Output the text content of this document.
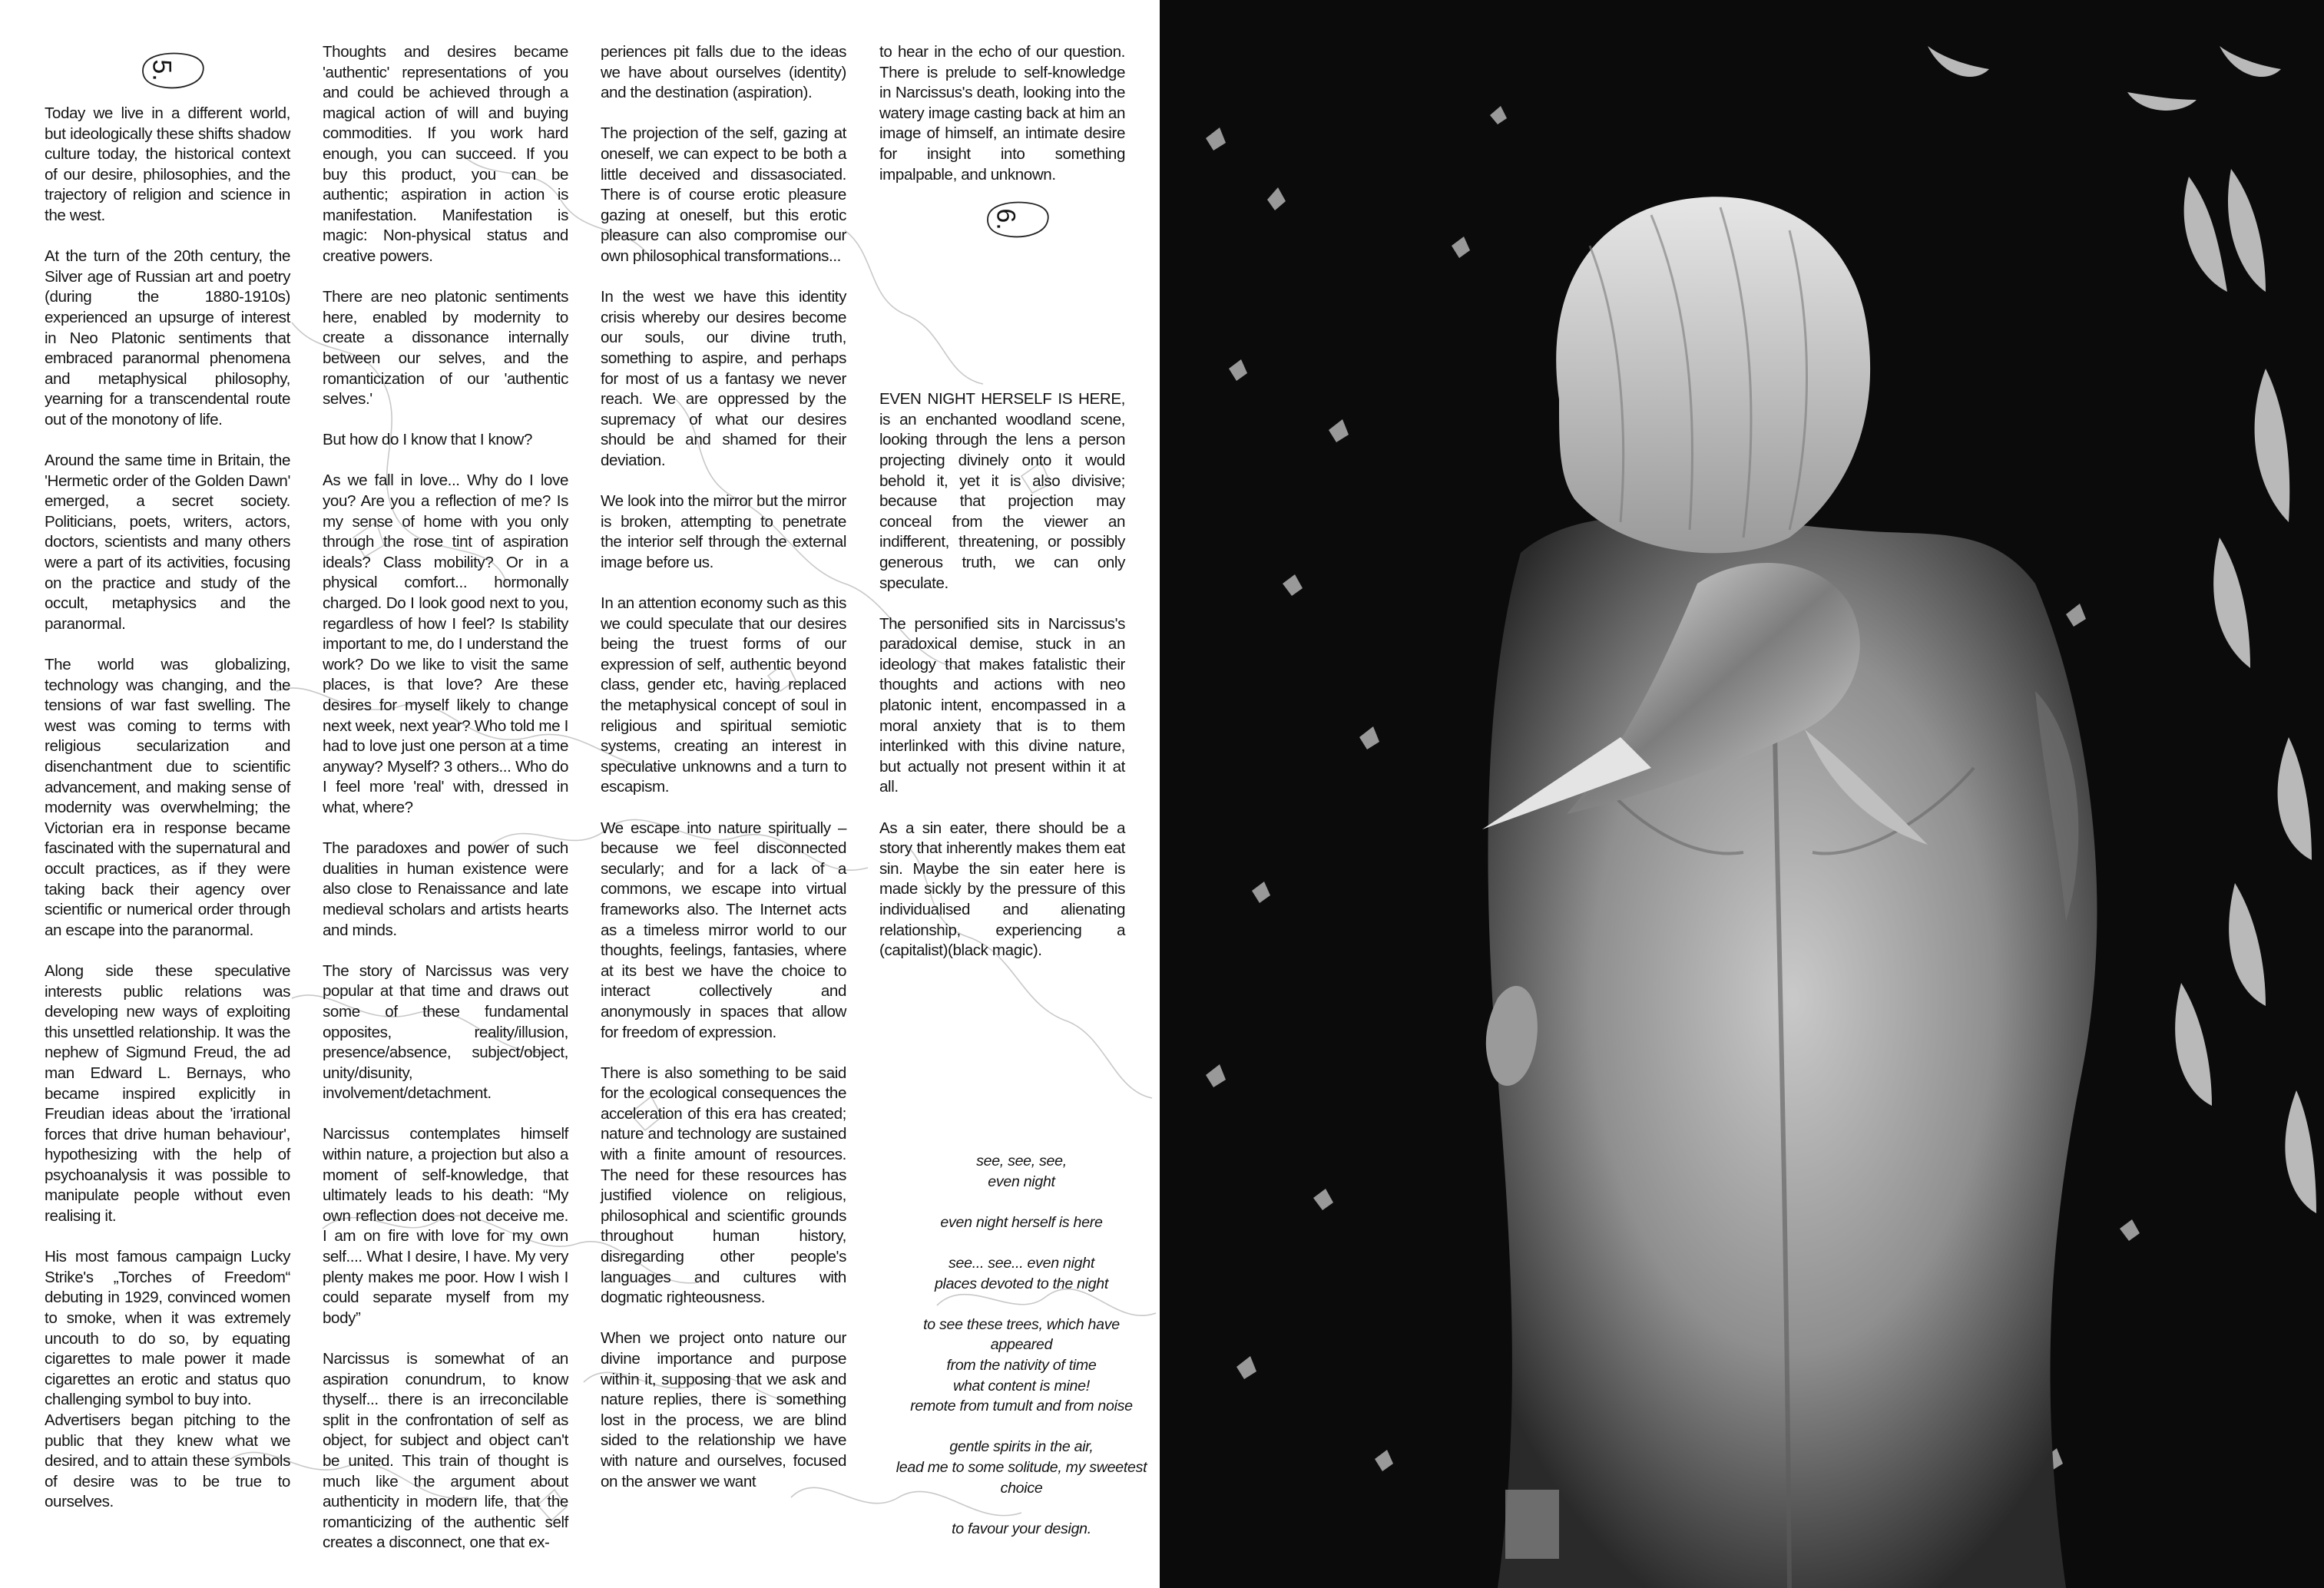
5.
6.

Today we live in a different world, but ideologically these shifts shadow culture today, the historical context of our desire, philosophies, and the trajectory of religion and science in the west.

At the turn of the 20th century, the Silver age of Russian art and poetry (during the 1880-1910s) experienced an upsurge of interest in Neo Platonic sentiments that embraced paranormal phenomena and metaphysical philosophy, yearning for a transcendental route out of the monotony of life.

Around the same time in Britain, the 'Hermetic order of the Golden Dawn' emerged, a secret society. Politicians, poets, writers, actors, doctors, scientists and many others were a part of its activities, focusing on the practice and study of the occult, metaphysics and the paranormal.

The world was globalizing, technology was changing, and the tensions of war fast swelling. The west was coming to terms with religious secularization and disenchantment due to scientific advancement, and making sense of modernity was overwhelming; the Victorian era in response became fascinated with the supernatural and occult practices, as if they were taking back their agency over scientific or numerical order through an escape into the paranormal.

Along side these speculative interests public relations was developing new ways of exploiting this unsettled relationship. It was the nephew of Sigmund Freud, the ad man Edward L. Bernays, who became inspired explicitly in Freudian ideas about the 'irrational forces that drive human behaviour', hypothesizing with the help of psychoanalysis it was possible to manipulate people without even realising it.

His most famous campaign Lucky Strike's „Torches of Freedom“ debuting in 1929, convinced women to smoke, when it was extremely uncouth to do so, by equating cigarettes to male power it made cigarettes an erotic and status quo challenging symbol to buy into.

Advertisers began pitching to the public that they knew what we desired, and to attain these symbols of desire was to be true to ourselves.

Thoughts and desires became 'authentic' representations of you and could be achieved through a magical action of will and buying commodities. If you work hard enough, you can succeed. If you buy this product, you can be authentic; aspiration in action is manifestation. Manifestation is magic: Non-physical status and creative powers.

There are neo platonic sentiments here, enabled by modernity to create a dissonance internally between our selves, and the romanticization of our 'authentic selves.'

But how do I know that I know?

As we fall in love... Why do I love you? Are you a reflection of me? Is my sense of home with you only through the rose tint of aspiration ideals? Class mobility? Or in a physical comfort... hormonally charged. Do I look good next to you, regardless of how I feel? Is stability important to me, do I understand the work? Do we like to visit the same places, is that love? Are these desires for myself likely to change next week, next year? Who told me I had to love just one person at a time anyway? Myself? 3 others... Who do I feel more 'real' with, dressed in what, where?

The paradoxes and power of such dualities in human existence were also close to Renaissance and late medieval scholars and artists hearts and minds.

The story of Narcissus was very popular at that time and draws out some of these fundamental opposites, reality/illusion, presence/absence, subject/object, unity/disunity, involvement/detachment.

Narcissus contemplates himself within nature, a projection but also a moment of self-knowledge, that ultimately leads to his death: “My own reflection does not deceive me. I am on fire with love for my own self.... What I desire, I have. My very plenty makes me poor. How I wish I could separate myself from my body”

Narcissus is somewhat of an aspiration conundrum, to know thyself... there is an irreconcilable split in the confrontation of self as object, for subject and object can't be united. This train of thought is much like the argument about authenticity in modern life, that the romanticizing of the authentic self creates a disconnect, one that ex-

periences pit falls due to the ideas we have about ourselves (identity) and the destination (aspiration).

The projection of the self, gazing at oneself, we can expect to be both a little deceived and dissasociated. There is of course erotic pleasure gazing at oneself, but this erotic pleasure can also compromise our own philosophical transformations...

In the west we have this identity crisis whereby our desires become our souls, our divine truth, something to aspire, and perhaps for most of us a fantasy we never reach. We are oppressed by the supremacy of what our desires should be and shamed for their deviation.

We look into the mirror but the mirror is broken, attempting to penetrate the interior self through the external image before us.

In an attention economy such as this we could speculate that our desires being the truest forms of our expression of self, authentic beyond class, gender etc, having replaced the metaphysical concept of soul in religious and spiritual semiotic systems, creating an interest in speculative unknowns and a turn to escapism.

We escape into nature spiritually – because we feel disconnected secularly; and for a lack of a commons, we escape into virtual frameworks also. The Internet acts as a timeless mirror world to our thoughts, feelings, fantasies, where at its best we have the choice to interact collectively and anonymously in spaces that allow for freedom of expression.

There is also something to be said for the ecological consequences the acceleration of this era has created; nature and technology are sustained with a finite amount of resources. The need for these resources has justified violence on religious, philosophical and scientific grounds throughout human history, disregarding other people's languages and cultures with dogmatic righteousness.

When we project onto nature our divine importance and purpose within it, supposing that we ask and nature replies, there is something lost in the process, we are blind sided to the relationship we have with nature and ourselves, focused on the answer we want

to hear in the echo of our question. There is prelude to self-knowledge in Narcissus's death, looking into the watery image casting back at him an image of himself, an intimate desire for insight into something impalpable, and unknown.

EVEN NIGHT HERSELF IS HERE, is an enchanted woodland scene, looking through the lens a person projecting divinely onto it would behold it, yet it is also divisive; because that projection may conceal from the viewer an indifferent, threatening, or possibly generous truth, we can only speculate.

The personified sits in Narcissus's paradoxical demise, stuck in an ideology that makes fatalistic their thoughts and actions with neo platonic intent, encompassed in a moral anxiety that is to them interlinked with this divine nature, but actually not present within it at all.

As a sin eater, there should be a story that inherently makes them eat sin. Maybe the sin eater here is made sickly by the pressure of this individualised and alienating relationship, experiencing a (capitalist)(black magic).

see, see, see,
even night

even night herself is here

see... see... even night
places devoted to the night

to see these trees, which have
appeared
from the nativity of time
what content is mine!
remote from tumult and from noise

gentle spirits in the air,
lead me to some solitude, my sweetest choice

to favour your design.
